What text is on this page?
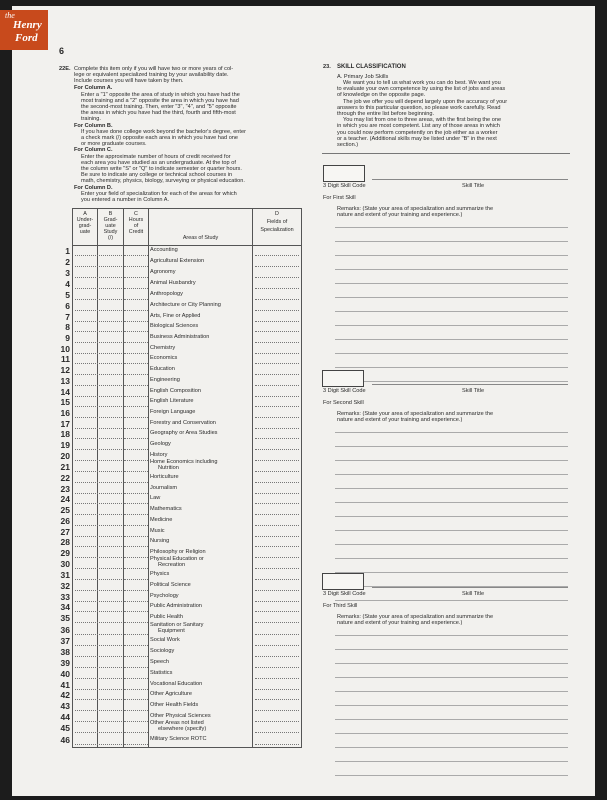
the
Henry
Ford
6
22E. Complete this item only if you will have two or more years of col-
lege or equivalent specialized training by your availability date.
Include courses you will have taken by then.
For Column A.
Enter a "1" opposite the area of study in which you have had the
most training and a "2" opposite the area in which you have had
the second-most training. Then, enter "3", "4", and "5" opposite
the areas in which you have had the third, fourth and fifth-most
training.
For Column B.
If you have done college work beyond the bachelor's degree, enter
a check mark (/) opposite each area in which you have had one
or more graduate courses.
For Column C.
Enter the approximate number of hours of credit received for
each area you have studied as an undergraduate. At the top of
the column write "S" or "Q" to indicate semester or quarter hours.
Be sure to indicate any college or technical school courses in
math, chemistry, physics, biology, surveying or physical education.
For Column D.
Enter your field of specialization for each of the areas for which
you entered a number in Column A.
A
Under-
grad-
uate
B
Grad-
uate
Study
(/)
C
Hours
of
Credit
Areas of Study
D
Fields of
Specialization
23. SKILL CLASSIFICATION
A. Primary Job Skills
We want you to tell us what work you can do best. We want you
to evaluate your own competence by using the list of jobs and areas
of knowledge on the opposite page.
The job we offer you will depend largely upon the accuracy of your
answers to this particular question, so please work carefully. Read
through the entire list before beginning.
You may list from one to three areas, with the first being the one
in which you are most competent. List any of those areas in which
you could now perform competently on the job either as a worker
or a teacher. (Additional skills may be listed under "B" in the next
section.)
3 Digit Skill Code	Skill Title
For First Skill
Remarks: (State your area of specialization and summarize the
nature and extent of your training and experience.)
3 Digit Skill Code	Skill Title
For Second Skill
Remarks: (State your area of specialization and summarize the
nature and extent of your training and experience.)
3 Digit Skill Code	Skill Title
For Third Skill
Remarks: (State your area of specialization and summarize the
nature and extent of your training and experience.)
1	Accounting
2	Agricultural Extension
3	Agronomy
4	Animal Husbandry
5	Anthropology
6	Architecture or City Planning
7	Arts, Fine or Applied
8	Biological Sciences
9	Business Administration
10	Chemistry
11	Economics
12	Education
13	Engineering
14	English Composition
15	English Literature
16	Foreign Language
17	Forestry and Conservation
18	Geography or Area Studies
19	Geology
20	History
21	Home Economics including
Nutrition
22	Horticulture
23	Journalism
24	Law
25	Mathematics
26	Medicine
27	Music
28	Nursing
29	Philosophy or Religion
30	Physical Education or
Recreation
31	Physics
32	Political Science
33	Psychology
34	Public Administration
35	Public Health
36	Sanitation or Sanitary
Equipment
37	Social Work
38	Sociology
39	Speech
40	Statistics
41	Vocational Education
42	Other Agriculture
43	Other Health Fields
44	Other Physical Sciences
45	Other Areas not listed
elsewhere (specify)
46	Military Science ROTC
